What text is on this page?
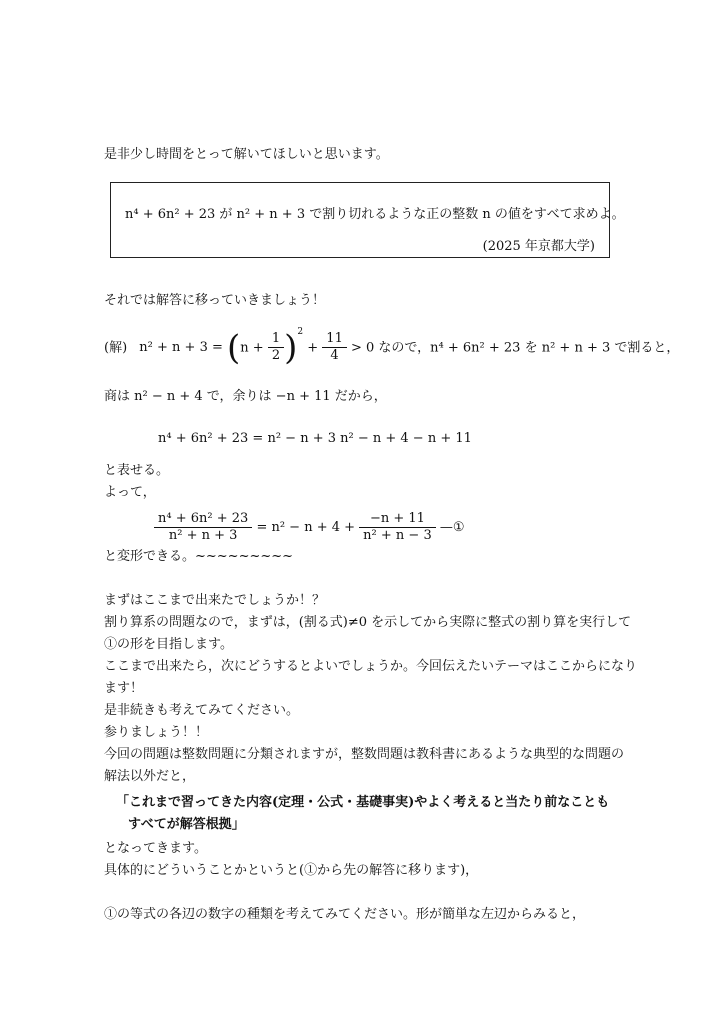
是非少し時間をとって解いてほしいと思います。
n⁴ + 6n² + 23 が n² + n + 3 で割り切れるような正の整数 n の値をすべて求めよ。
(2025 年京都大学)
それでは解答に移っていきましょう！
(解) $n^2 + n + 3 = (n + \frac{1}{2} )^2 + \frac{11}{4} > 0$ なので，n⁴ + 6n² + 23 を n² + n + 3 で割ると，
商は n² − n + 4 で，余りは −n + 11 だから，
n⁴ + 6n² + 23 = n² − n + 3 n² − n + 4 − n + 11
と表せる。
よって，
$\frac{\text{n⁴ + 6n² + 23}}{\text{n² + n + 3}} = n^2 - n + 4 + \frac{-n + 11}{\text{n² + n − 3}}$ —①
と変形できる。~~~~~~~~~
まずはここまで出来たでしょうか！？
割り算系の問題なので，まずは，(割る式)≠0 を示してから実際に整式の割り算を実行して
①の形を目指します。
ここまで出来たら，次にどうするとよいでしょうか。今回伝えたいテーマはここからになり
ます！
是非続きも考えてみてください。
参りましょう！！
今回の問題は整数問題に分類されますが，整数問題は教科書にあるような典型的な問題の
解法以外だと，
「これまで習ってきた内容(定理・公式・基礎事実)やよく考えると当たり前なことも
すべてが解答根拠」
となってきます。
具体的にどういうことかというと(①から先の解答に移ります)，
①の等式の各辺の数字の種類を考えてみてください。形が簡単な左辺からみると，
